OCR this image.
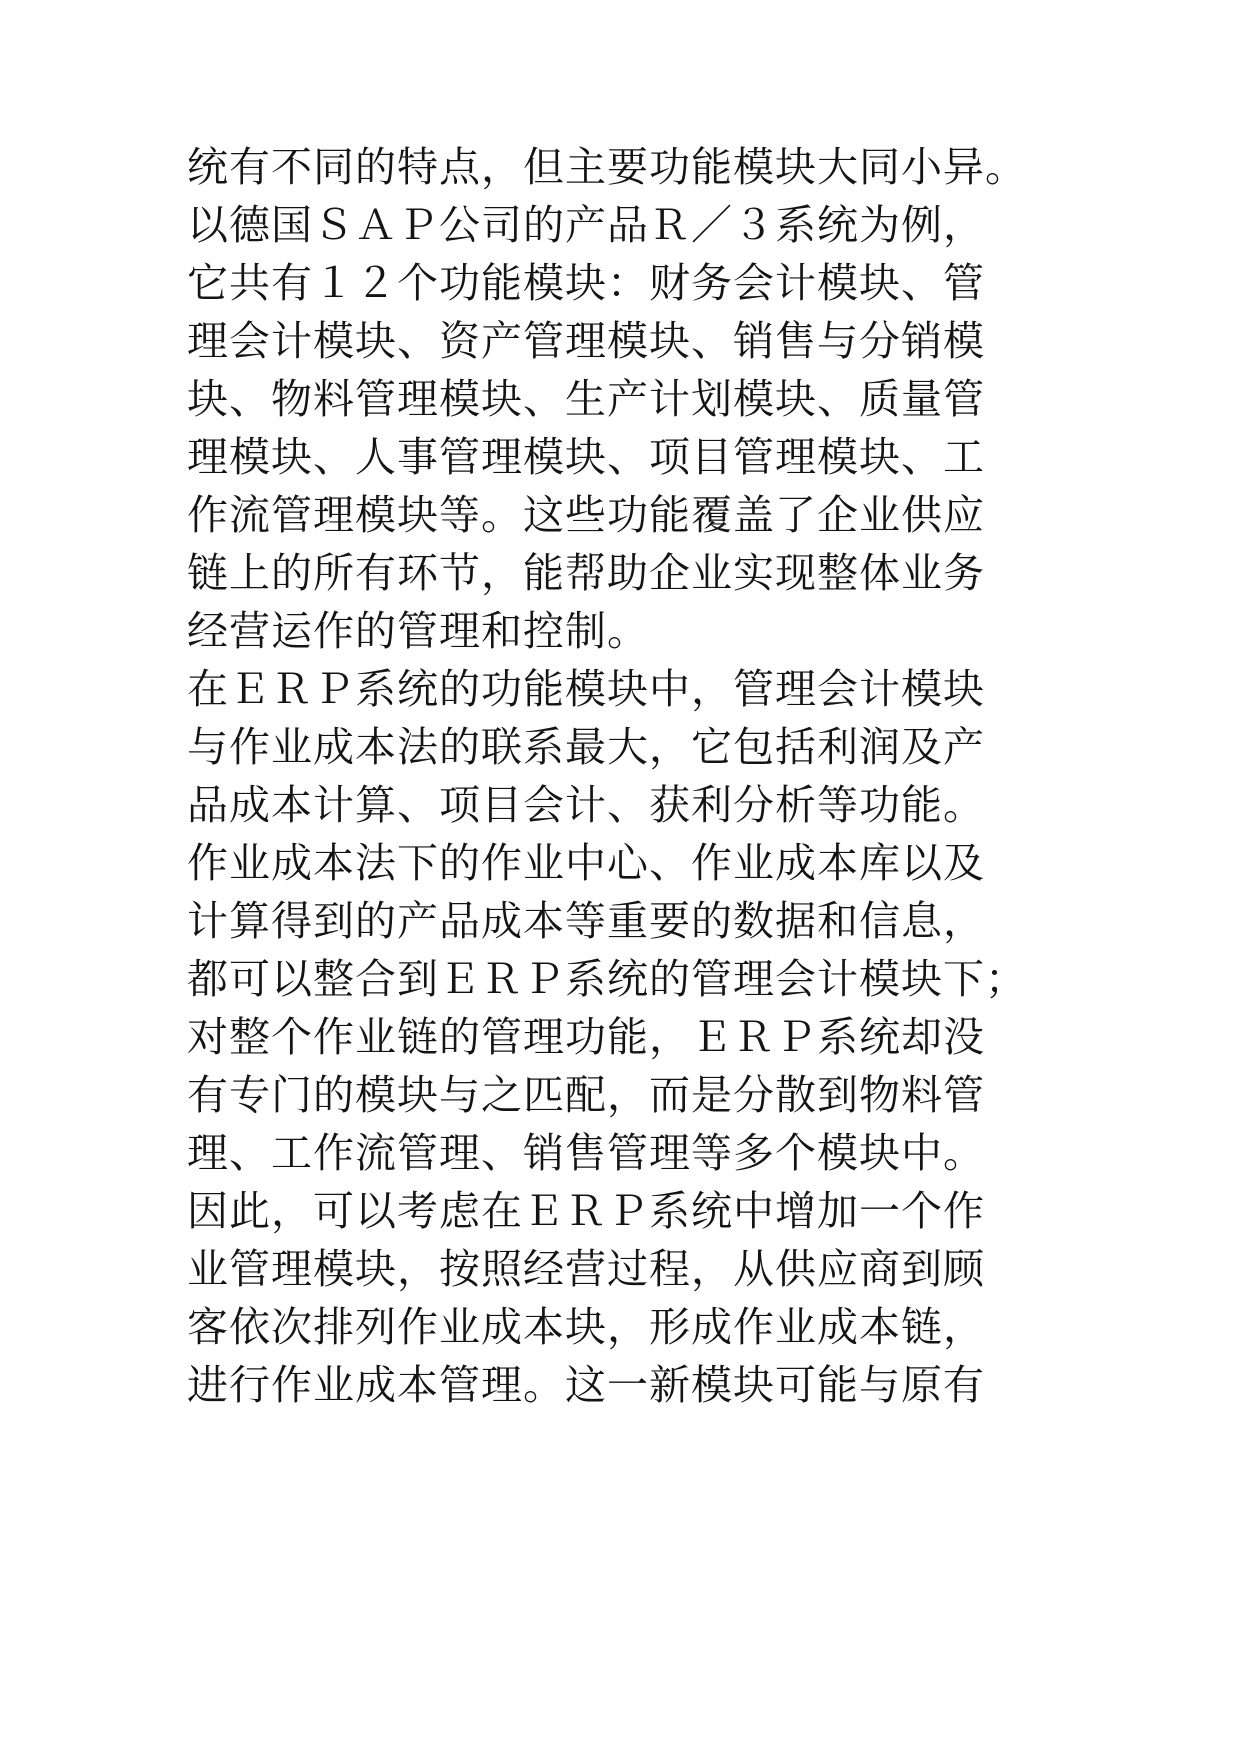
统有不同的特点，但主要功能模块大同小异。
以德国ＳＡＰ公司的产品Ｒ／３系统为例，
它共有１２个功能模块：财务会计模块、管
理会计模块、资产管理模块、销售与分销模
块、物料管理模块、生产计划模块、质量管
理模块、人事管理模块、项目管理模块、工
作流管理模块等。这些功能覆盖了企业供应
链上的所有环节，能帮助企业实现整体业务
经营运作的管理和控制。
在ＥＲＰ系统的功能模块中，管理会计模块
与作业成本法的联系最大，它包括利润及产
品成本计算、项目会计、获利分析等功能。
作业成本法下的作业中心、作业成本库以及
计算得到的产品成本等重要的数据和信息，
都可以整合到ＥＲＰ系统的管理会计模块下；
对整个作业链的管理功能，ＥＲＰ系统却没
有专门的模块与之匹配，而是分散到物料管
理、工作流管理、销售管理等多个模块中。
因此，可以考虑在ＥＲＰ系统中增加一个作
业管理模块，按照经营过程，从供应商到顾
客依次排列作业成本块，形成作业成本链，
进行作业成本管理。这一新模块可能与原有
